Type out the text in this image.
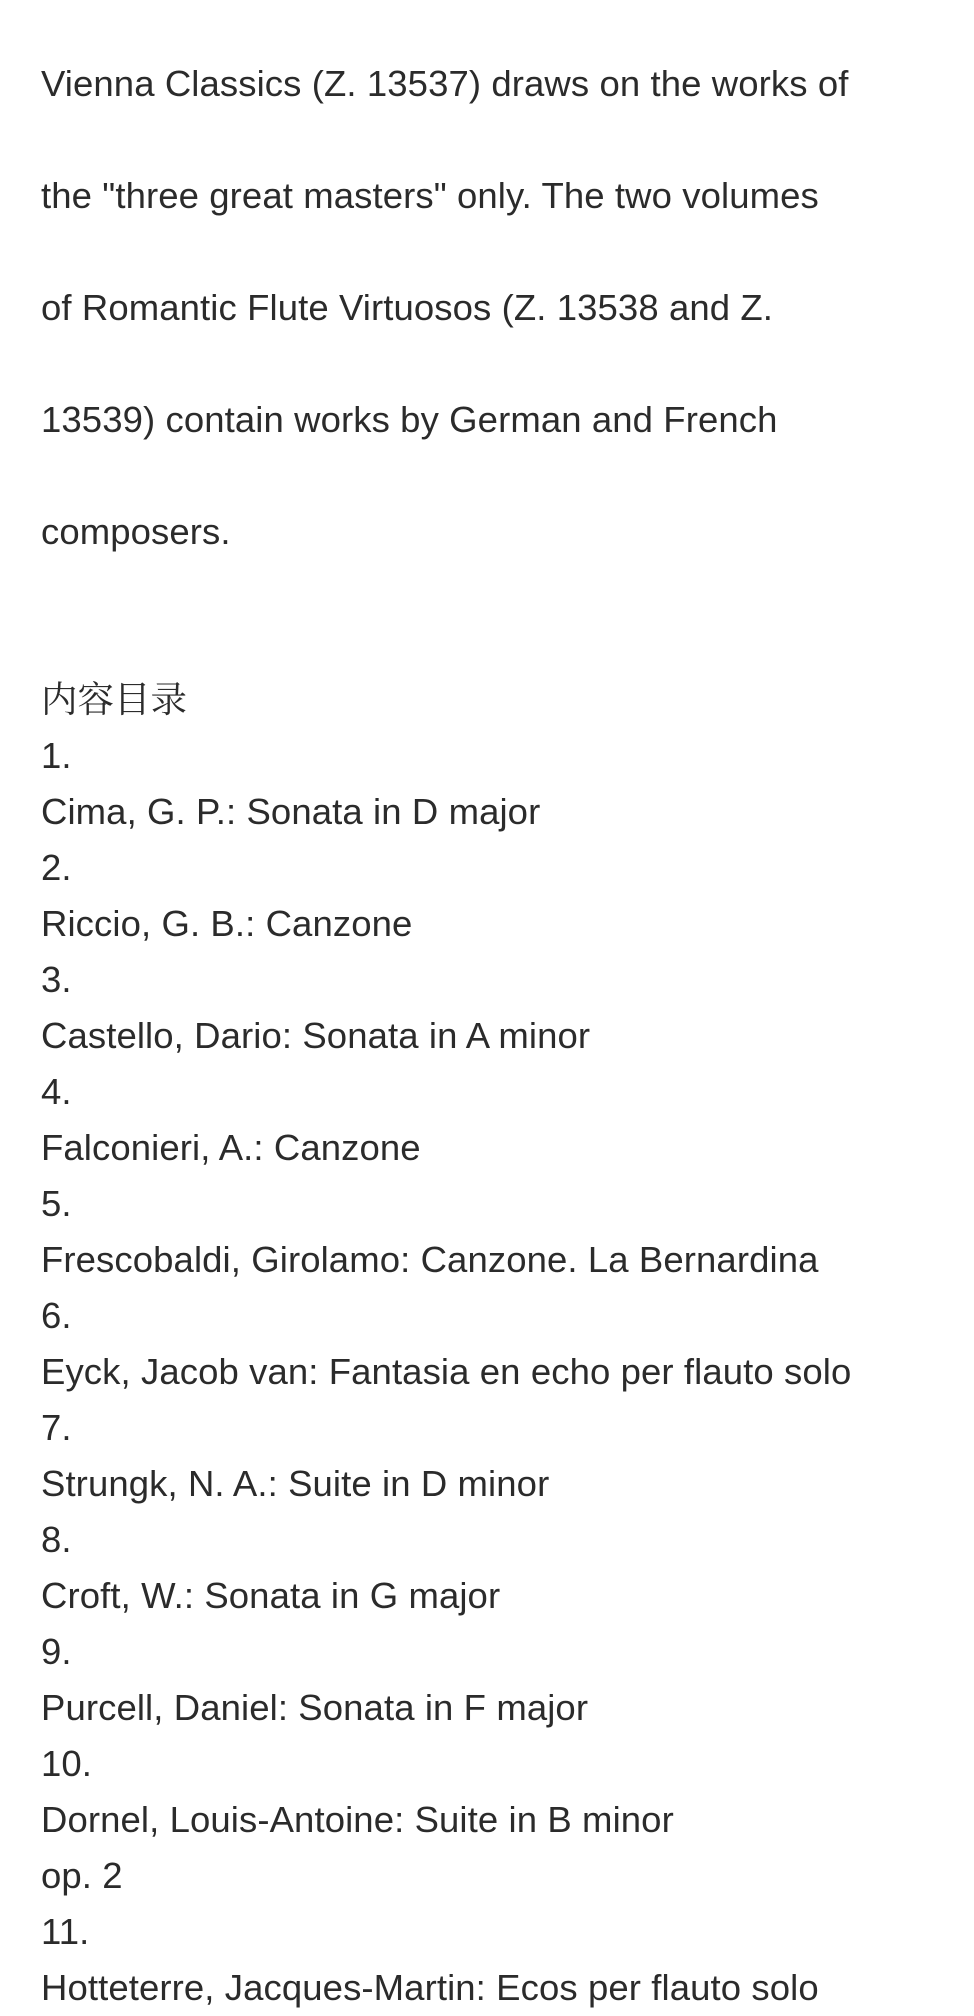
Vienna Classics (Z. 13537) draws on the works of

the "three great masters" only. The two volumes

of Romantic Flute Virtuosos (Z. 13538 and Z.

13539) contain works by German and French

composers.

内容目录
1.
Cima, G. P.: Sonata in D major
2.
Riccio, G. B.: Canzone
3.
Castello, Dario: Sonata in A minor
4.
Falconieri, A.: Canzone
5.
Frescobaldi, Girolamo: Canzone. La Bernardina
6.
Eyck, Jacob van: Fantasia en echo per flauto solo
7.
Strungk, N. A.: Suite in D minor
8.
Croft, W.: Sonata in G major
9.
Purcell, Daniel: Sonata in F major
10.
Dornel, Louis-Antoine: Suite in B minor
op. 2
11.
Hotteterre, Jacques-Martin: Ecos per flauto solo
